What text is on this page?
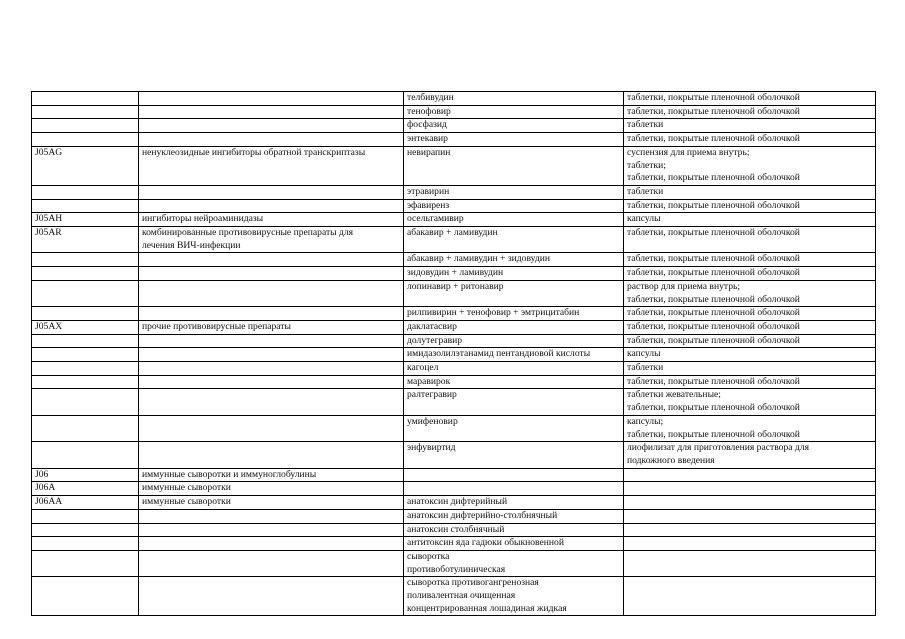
		телбивудин	таблетки, покрытые пленочной оболочкой

		тенофовир	таблетки, покрытые пленочной оболочкой

		фосфазид	таблетки

		энтекавир	таблетки, покрытые пленочной оболочкой

J05AG	ненуклеозидные ингибиторы обратной транскриптазы	невирапин	суспензия для приема внутрь;
таблетки;
таблетки, покрытые пленочной оболочкой

		этравирин	таблетки

		эфавиренз	таблетки, покрытые пленочной оболочкой

J05AH	ингибиторы нейроаминидазы	осельтамивир	капсулы

J05AR	комбинированные противовирусные препараты для
лечения ВИЧ-инфекции	абакавир + ламивудин	таблетки, покрытые пленочной оболочкой

		абакавир + ламивудин + зидовудин	таблетки, покрытые пленочной оболочкой

		зидовудин + ламивудин	таблетки, покрытые пленочной оболочкой

		лопинавир + ритонавир	раствор для приема внутрь;
таблетки, покрытые пленочной оболочкой

		рилпивирин + тенофовир + эмтрицитабин	таблетки, покрытые пленочной оболочкой

J05AX	прочие противовирусные препараты	даклатасвир	таблетки, покрытые пленочной оболочкой

		долутегравир	таблетки, покрытые пленочной оболочкой

		имидазолилэтанамид пентандиовой кислоты	капсулы

		кагоцел	таблетки

		маравирок	таблетки, покрытые пленочной оболочкой

		ралтегравир	таблетки жевательные;
таблетки, покрытые пленочной оболочкой

		умифеновир	капсулы;
таблетки, покрытые пленочной оболочкой

		энфувиртид	лиофилизат для приготовления раствора для
подкожного введения

J06	иммунные сыворотки и иммуноглобулины		

J06A	иммунные сыворотки		

J06AA	иммунные сыворотки	анатоксин дифтерийный	

		анатоксин дифтерийно-столбнячный	

		анатоксин столбнячный	

		антитоксин яда гадюки обыкновенной	

		сыворотка
противоботулиническая	

		сыворотка противогангренозная
поливалентная очищенная
концентрированная лошадиная жидкая	
